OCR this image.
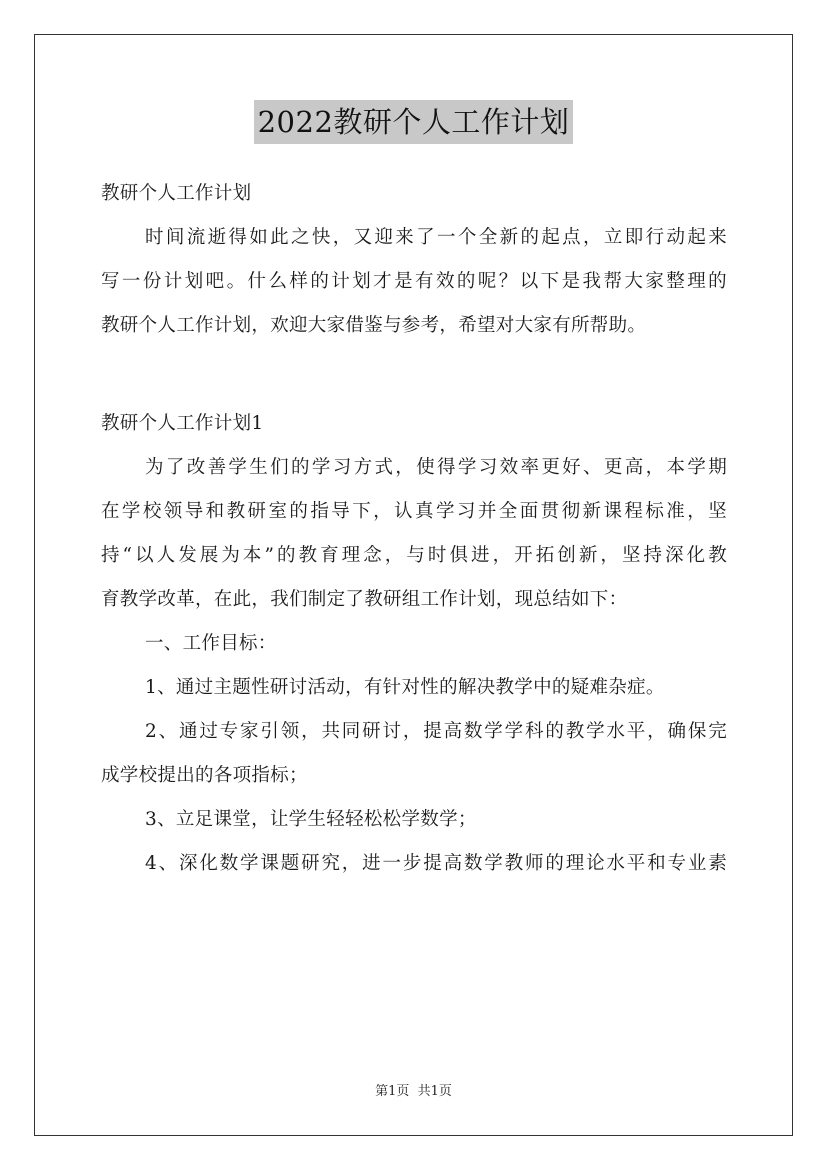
2022教研个人工作计划
教研个人工作计划
时间流逝得如此之快，又迎来了一个全新的起点，立即行动起来
写一份计划吧。什么样的计划才是有效的呢？以下是我帮大家整理的
教研个人工作计划，欢迎大家借鉴与参考，希望对大家有所帮助。
教研个人工作计划1
为了改善学生们的学习方式，使得学习效率更好、更高，本学期
在学校领导和教研室的指导下，认真学习并全面贯彻新课程标准，坚
持“以人发展为本”的教育理念，与时俱进，开拓创新，坚持深化教
育教学改革，在此，我们制定了教研组工作计划，现总结如下：
一、工作目标：
1、通过主题性研讨活动，有针对性的解决教学中的疑难杂症。
2、通过专家引领，共同研讨，提高数学学科的教学水平，确保完
成学校提出的各项指标；
3、立足课堂，让学生轻轻松松学数学；
4、深化数学课题研究，进一步提高数学教师的理论水平和专业素
第1页 共1页
